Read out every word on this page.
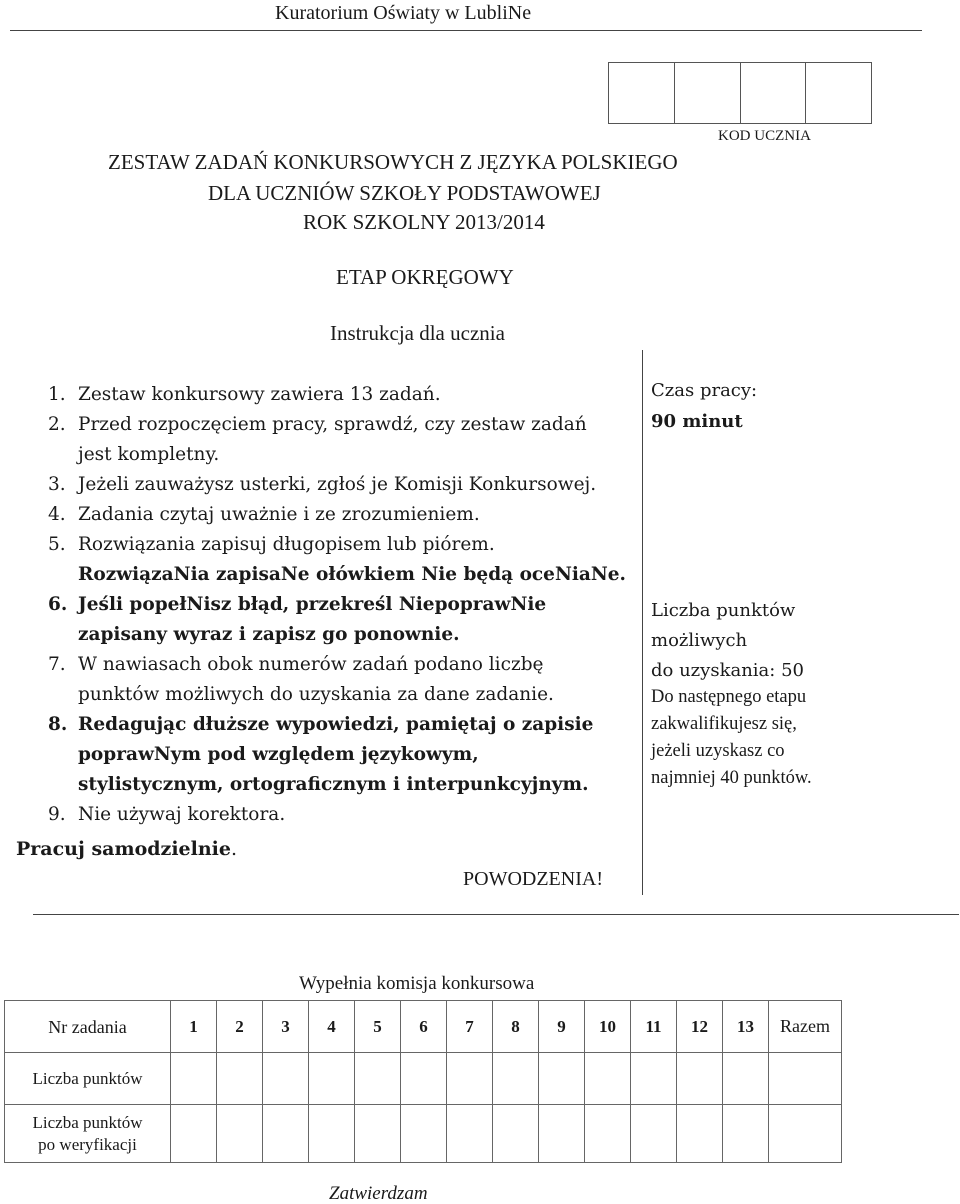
Kuratorium Oświaty w LubliNe
KOD UCZNIA
ZESTAW ZADAŃ KONKURSOWYCH Z JĘZYKA POLSKIEGO
DLA UCZNIÓW SZKOŁY PODSTAWOWEJ
ROK SZKOLNY 2013/2014
ETAP OKRĘGOWY
Instrukcja dla ucznia
1. Zestaw konkursowy zawiera 13 zadań.
2. Przed rozpoczęciem pracy, sprawdź, czy zestaw zadań
jest kompletny.
3. Jeżeli zauważysz usterki, zgłoś je Komisji Konkursowej.
4. Zadania czytaj uważnie i ze zrozumieniem.
5. Rozwiązania zapisuj długopisem lub piórem.
RozwiązaNia zapisaNe ołówkiem Nie będą oceNiaNe.
6. Jeśli popełNisz błąd, przekreśl NiepoprawNie
zapisany wyraz i zapisz go ponownie.
7. W nawiasach obok numerów zadań podano liczbę
punktów możliwych do uzyskania za dane zadanie.
8. Redagując dłuższe wypowiedzi, pamiętaj o zapisie
poprawNym pod względem językowym,
stylistycznym, ortograficznym i interpunkcyjnym.
9. Nie używaj korektora.
Pracuj samodzielnie.
POWODZENIA!
Czas pracy:
90 minut
Liczba punktów
możliwych
do uzyskania: 50
Do następnego etapu
zakwalifikujesz się,
jeżeli uzyskasz co
najmniej 40 punktów.
Wypełnia komisja konkursowa
Nr zadania	1	2	3	4	5	6	7	8	9	10	11	12	13	Razem
Liczba punktów														

Liczba punktów
po weryfikacji														

Zatwierdzam
